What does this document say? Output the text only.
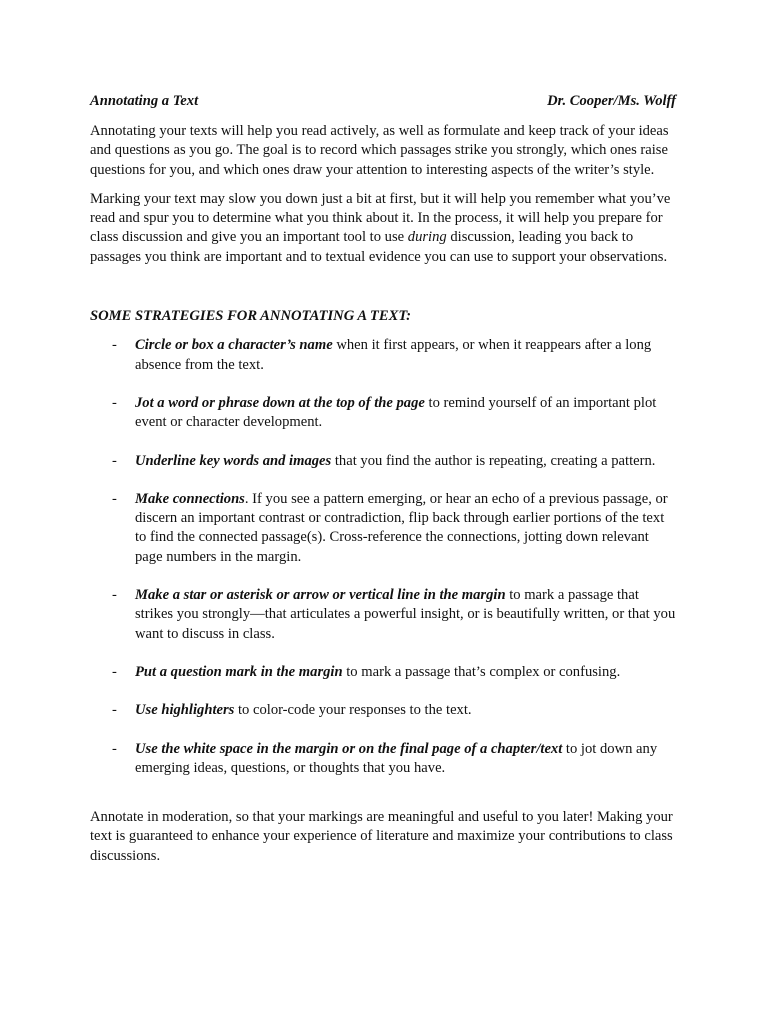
Annotating a Text	Dr. Cooper/Ms. Wolff

Annotating your texts will help you read actively, as well as formulate and keep track of your ideas and questions as you go. The goal is to record which passages strike you strongly, which ones raise questions for you, and which ones draw your attention to interesting aspects of the writer’s style.

Marking your text may slow you down just a bit at first, but it will help you remember what you’ve read and spur you to determine what you think about it. In the process, it will help you prepare for class discussion and give you an important tool to use during discussion, leading you back to passages you think are important and to textual evidence you can use to support your observations.

SOME STRATEGIES FOR ANNOTATING A TEXT:
- Circle or box a character’s name when it first appears, or when it reappears after a long absence from the text.
- Jot a word or phrase down at the top of the page to remind yourself of an important plot event or character development.
- Underline key words and images that you find the author is repeating, creating a pattern.
- Make connections. If you see a pattern emerging, or hear an echo of a previous passage, or discern an important contrast or contradiction, flip back through earlier portions of the text to find the connected passage(s). Cross-reference the connections, jotting down relevant page numbers in the margin.
- Make a star or asterisk or arrow or vertical line in the margin to mark a passage that strikes you strongly—that articulates a powerful insight, or is beautifully written, or that you want to discuss in class.
- Put a question mark in the margin to mark a passage that’s complex or confusing.
- Use highlighters to color-code your responses to the text.
- Use the white space in the margin or on the final page of a chapter/text to jot down any emerging ideas, questions, or thoughts that you have.

Annotate in moderation, so that your markings are meaningful and useful to you later! Making your text is guaranteed to enhance your experience of literature and maximize your contributions to class discussions.
